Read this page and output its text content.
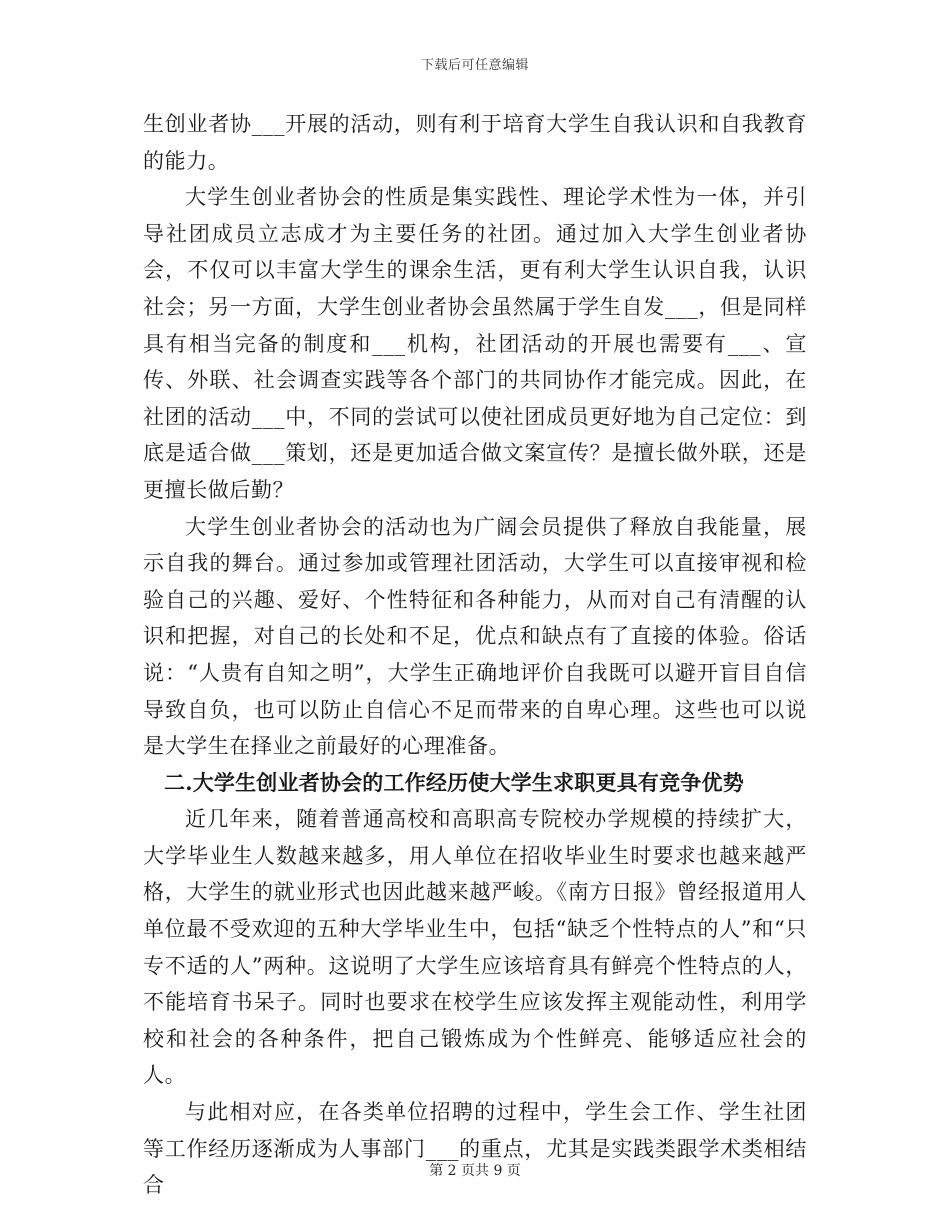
下载后可任意编辑

生创业者协___开展的活动，则有利于培育大学生自我认识和自我教育的能力。

大学生创业者协会的性质是集实践性、理论学术性为一体，并引导社团成员立志成才为主要任务的社团。通过加入大学生创业者协会，不仅可以丰富大学生的课余生活，更有利大学生认识自我，认识社会；另一方面，大学生创业者协会虽然属于学生自发___，但是同样具有相当完备的制度和___机构，社团活动的开展也需要有___、宣传、外联、社会调查实践等各个部门的共同协作才能完成。因此，在社团的活动___中，不同的尝试可以使社团成员更好地为自己定位：到底是适合做___策划，还是更加适合做文案宣传？是擅长做外联，还是更擅长做后勤？

大学生创业者协会的活动也为广阔会员提供了释放自我能量，展示自我的舞台。通过参加或管理社团活动，大学生可以直接审视和检验自己的兴趣、爱好、个性特征和各种能力，从而对自己有清醒的认识和把握，对自己的长处和不足，优点和缺点有了直接的体验。俗话说：“人贵有自知之明”，大学生正确地评价自我既可以避开盲目自信导致自负，也可以防止自信心不足而带来的自卑心理。这些也可以说是大学生在择业之前最好的心理准备。

二.大学生创业者协会的工作经历使大学生求职更具有竞争优势

近几年来，随着普通高校和高职高专院校办学规模的持续扩大，大学毕业生人数越来越多，用人单位在招收毕业生时要求也越来越严格，大学生的就业形式也因此越来越严峻。《南方日报》曾经报道用人单位最不受欢迎的五种大学毕业生中，包括“缺乏个性特点的人”和“只专不适的人”两种。这说明了大学生应该培育具有鲜亮个性特点的人，不能培育书呆子。同时也要求在校学生应该发挥主观能动性，利用学校和社会的各种条件，把自己锻炼成为个性鲜亮、能够适应社会的人。

与此相对应，在各类单位招聘的过程中，学生会工作、学生社团等工作经历逐渐成为人事部门___的重点，尤其是实践类跟学术类相结合

第 2 页共 9 页
